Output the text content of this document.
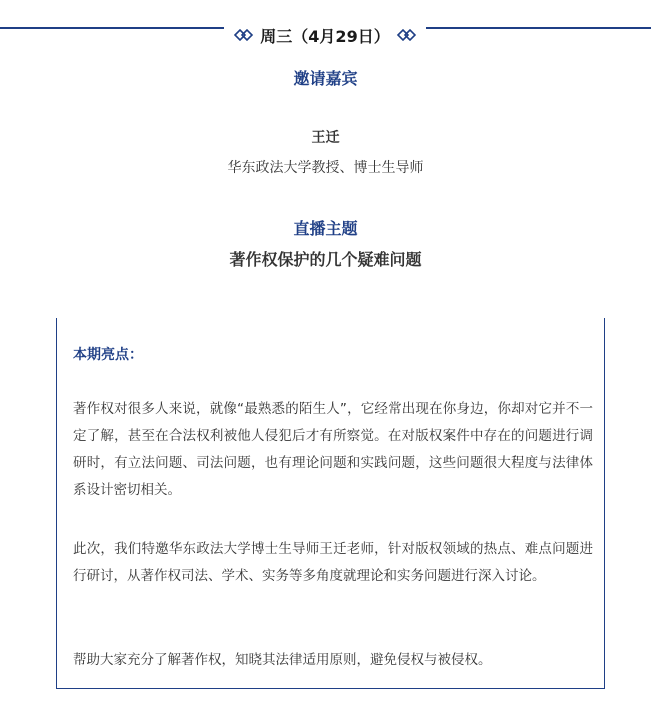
周三（4月29日）
邀请嘉宾
王迁
华东政法大学教授、博士生导师
直播主题
著作权保护的几个疑难问题
本期亮点：

著作权对很多人来说，就像“最熟悉的陌生人”，它经常出现在你身边，你却对它并不一定了解，甚至在合法权利被他人侵犯后才有所察觉。在对版权案件中存在的问题进行调研时，有立法问题、司法问题，也有理论问题和实践问题，这些问题很大程度与法律体系设计密切相关。

此次，我们特邀华东政法大学博士生导师王迁老师，针对版权领域的热点、难点问题进行研讨，从著作权司法、学术、实务等多角度就理论和实务问题进行深入讨论。

帮助大家充分了解著作权，知晓其法律适用原则，避免侵权与被侵权。
